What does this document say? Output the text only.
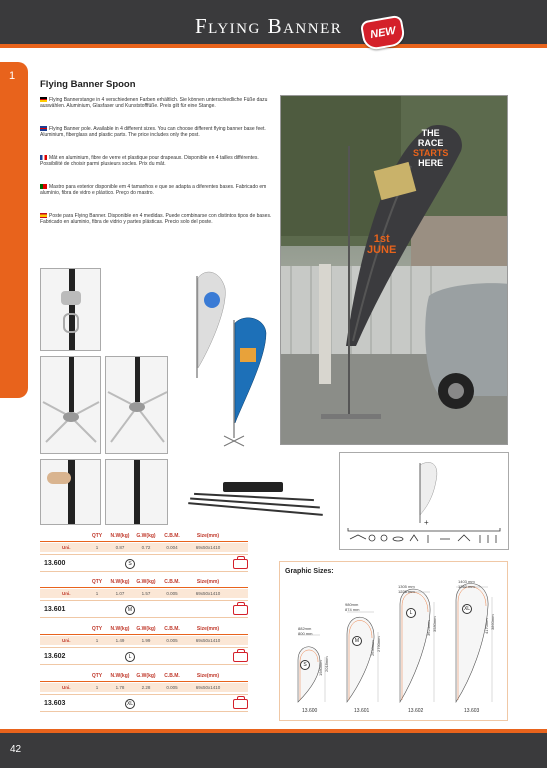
Flying Banner	NEW
1
Flying Banner Spoon
Flying Bannerstange in 4 verschiedenen Farben erhältlich. Sie können unterschiedliche Füße dazu auswählen. Aluminium, Glasfaser und Kunststofffüße. Preis gilt für eine Stange.
Flying Banner pole. Available in 4 different sizes. You can choose different flying banner base feet. Aluminium, fiberglass and plastic parts. The price includes only the post.
Mât en aluminium, fibre de verre et plastique pour drapeaux. Disponible en 4 tailles différentes. Possibilité de choisir parmi plusieurs socles. Prix du mât.
Mastro para exterior disponible em 4 tamanhos e que se adapta a diferentes bases. Fabricado em alumínio, fibra de vidro e plástico. Preço do mastro.
Poste para Flying Banner. Disponible en 4 medidas. Puede combinarse con distintos tipos de bases. Fabricado en aluminio, fibra de vidrio y partes plásticas. Precio solo del poste.
THE
RACE
STARTS
HERE
1st
JUNE
+
QTY	N.W(kg)	G.W(kg)	C.B.M.	Size(mm)
Uni.	1	0.87	0.72	0.004	69x50x1410
13.600	S
QTY	N.W(kg)	G.W(kg)	C.B.M.	Size(mm)
Uni.	1	1.07	1.57	0.005	69x50x1410
13.601	M
QTY	N.W(kg)	G.W(kg)	C.B.M.	Size(mm)
Uni.	1	1.49	1.99	0.005	69x50x1410
13.602	L
QTY	N.W(kg)	G.W(kg)	C.B.M.	Size(mm)
Uni.	1	1.78	2.28	0.005	69x50x1410
13.603	XL
Graphic Sizes:
882mm
800 mm
2018mm
1980mm
S
13.600
980mm
874 mm
2790mm
2630mm
M
13.601
1305 mm
1226 mm
3580mm
3624mm
L
13.602
1403 mm
1262 mm
3860mm
4170mm
XL
13.603
42
